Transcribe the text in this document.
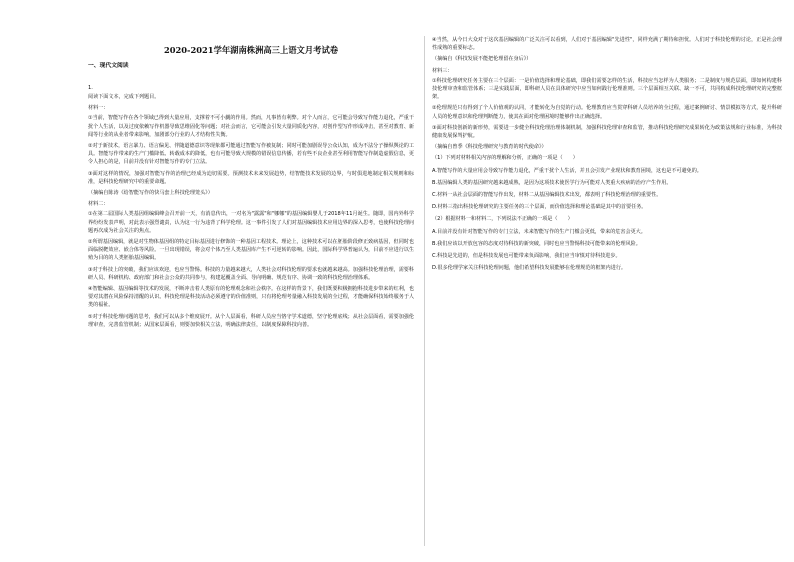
2020-2021学年湖南株洲高三上语文月考试卷
一、现代文阅读
1.

阅读下面文本，完成下列题目。

材料一：

①当前，智能写作在各个领域已得到大量应用，支撑着不可小觑的作用。然而，凡事皆有利弊。对个人而言，它可能会导致写作能力退化，严重干扰个人生活，以及过度依赖写作机器导致思维固化等问题；对社会而言，它可能会引发大量同质化内容，对创作型写作形成冲击，甚至对教育、新闻等行业的从业者带来影响，加剧部分行业的人才结构性失衡。

②对于新技术，语言暴力、语言偏见、伴随道德意识等现象都可能通过智能写作被复制；同时可能加剧误导公众认知，成为不法分子操纵舆论的工具。智能写作带来的生产门槛降低、转载成本的降低，也有可能导致大规模的错误信息传播，若有些不良企业甚至利用智能写作制造虚假信息，更令人担心的是，目前并没有针对智能写作的专门立法。

③面对这样的情况，加强对智能写作的治理已经成为迫切需要。预测技术未来发展趋势，结智能技术发展的边界，与时俱进地制定相关规则和标准，是科技伦理研究中的重要命题。

（摘编自陈涛《给智能写作的快马套上科技伦理笼头》）
材料二：

①在第二届国际人类基因组编辑峰会召开前一天，有消息传出，一对名为"露露"和"娜娜"的基因编辑婴儿于2018年11月诞生。随即，国内外科学界纷纷发表声明，对此表示强烈谴责，认为这一行为违背了科学伦理。这一事件引发了人们对基因编辑技术应用边界的深入思考，也使科技伦理问题再次成为社会关注的焦点。

②所谓基因编辑，就是对生物体基因组的特定目标基因进行修饰的一种基因工程技术。理论上，这种技术可以在胚胎阶段修正致病基因，但同时也面临脱靶效应、嵌合体等风险。一旦出现错误，将会对个体乃至人类基因库产生不可逆转的影响。因此，国际科学界普遍认为，目前不应进行以生殖为目的的人类胚胎基因编辑。

③对于科技上的突破，我们应该欢迎，也应当警惕。科技的力量越来越大，人类社会对科技伦理的要求也就越来越高。加强科技伦理治理，需要科研人员、科研机构、政府部门和社会公众的共同参与，构建起覆盖全面、导向明确、规范有序、协调一致的科技伦理治理体系。

④智能编辑、基因编辑等技术的发展，不断冲击着人类原有的伦理观念和社会秩序。在这样的背景下，我们既要积极拥抱科技进步带来的红利，也要对其潜在风险保持清醒的认识。科技伦理是科技活动必须遵守的价值准则，只有将伦理考量融入科技发展的全过程，才能确保科技始终服务于人类的福祉。

⑤对于科技伦理问题的思考，我们可以从多个维度展开。从个人层面看，科研人员应当恪守学术道德，坚守伦理底线；从社会层面看，需要加强伦理审查，完善监管机制；从国家层面看，则要加快相关立法，明确法律责任，以制度保障科技向善。

④当然，从今日大众对于这次基因编辑的广泛关注可以看到，人们对于基因编辑"先进性"，同样充满了期待和担忧。人们对于科技伦理的讨论，正是社会理性成熟的重要标志。

（摘编自《科技发展不能把伦理留在身后》）
材料三：

①科技伦理研究任务主要在三个层面：一是价值选择和理论基础，即我们需要怎样的生活，科技应当怎样为人类服务；二是制度与规范层面，即如何构建科技伦理审查和监管体系；三是实践层面，即科研人员在具体研究中应当如何践行伦理准则。三个层面相互关联、缺一不可，共同构成科技伦理研究的完整框架。

②伦理规范只有得到了个人价值观的认同，才能转化为自觉的行动。伦理教育应当贯穿科研人员培养的全过程，通过案例研讨、情景模拟等方式，提升科研人员的伦理意识和伦理判断能力，使其在面对伦理困境时能够作出正确选择。

③面对科技创新的新形势，需要进一步健全科技伦理治理体制机制，加强科技伦理审查和监管，推动科技伦理研究成果转化为政策法规和行业标准，为科技健康发展保驾护航。

（摘编自曾季《科技伦理研究与教育的时代使命》）
（1）下列对材料相关内容的理解和分析，正确的一项是（　　）
A.智能写作的大量应用会导致写作能力退化，严重干扰个人生活，并且会引发产业现状和教育困境，这也是不可避免的。
B.基因编辑人类的基因研究越来越成熟，是因为这项技术使医学行为可能对人类重大疾病的治疗产生作用。
C.材料一从社会层面的智能写作出发，材料二从基因编辑技术出发，都表明了科技伦理治理的重要性。
D.材料三指出科技伦理研究的主要任务的三个层面，而价值选择和理论基础是其中的首要任务。
（2）根据材料一和材料二，下列说法不正确的一项是（　　）
A.目前并没有针对智能写作的专门立法，未来智能写作的生产门槛会更低，带来的危害会更大。
B.我们应该以开放包容的态度对待科技的新突破，同时也应当警惕科技可能带来的伦理风险。
C.科技是先进的，但是科技发展也可能带来负面影响，我们应当审慎对待科技进步。
D.很多伦理学家关注科技伦理问题，他们希望科技发展能够在伦理规范的框架内进行。
